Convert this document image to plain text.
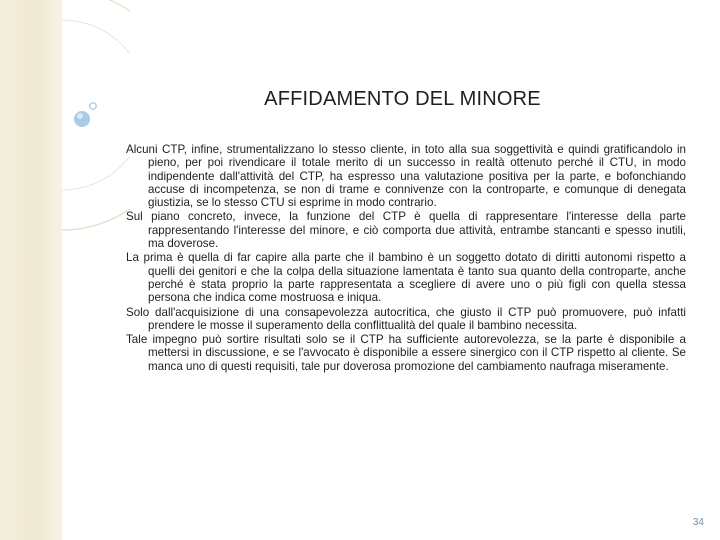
AFFIDAMENTO DEL MINORE

Alcuni CTP, infine, strumentalizzano lo stesso cliente, in toto alla sua soggettività e quindi gratificandolo in pieno, per poi rivendicare il totale merito di un successo in realtà ottenuto perché il CTU, in modo indipendente dall'attività del CTP, ha espresso una valutazione positiva per la parte, e bofonchiando accuse di incompetenza, se non di trame e connivenze con la controparte, e comunque di denegata giustizia, se lo stesso CTU si esprime in modo contrario.

Sul piano concreto, invece, la funzione del CTP è quella di rappresentare l'interesse della parte rappresentando l'interesse del minore, e ciò comporta due attività, entrambe stancanti e spesso inutili, ma doverose.

La prima è quella di far capire alla parte che il bambino è un soggetto dotato di diritti autonomi rispetto a quelli dei genitori e che la colpa della situazione lamentata è tanto sua quanto della controparte, anche perché è stata proprio la parte rappresentata a scegliere di avere uno o più figli con quella stessa persona che indica come mostruosa e iniqua.

Solo dall'acquisizione di una consapevolezza autocritica, che giusto il CTP può promuovere, può infatti prendere le mosse il superamento della conflittualità del quale il bambino necessita.

Tale impegno può sortire risultati solo se il CTP ha sufficiente autorevolezza, se la parte è disponibile a mettersi in discussione, e se l'avvocato è disponibile a essere sinergico con il CTP rispetto al cliente. Se manca uno di questi requisiti, tale pur doverosa promozione del cambiamento naufraga miseramente.

34
